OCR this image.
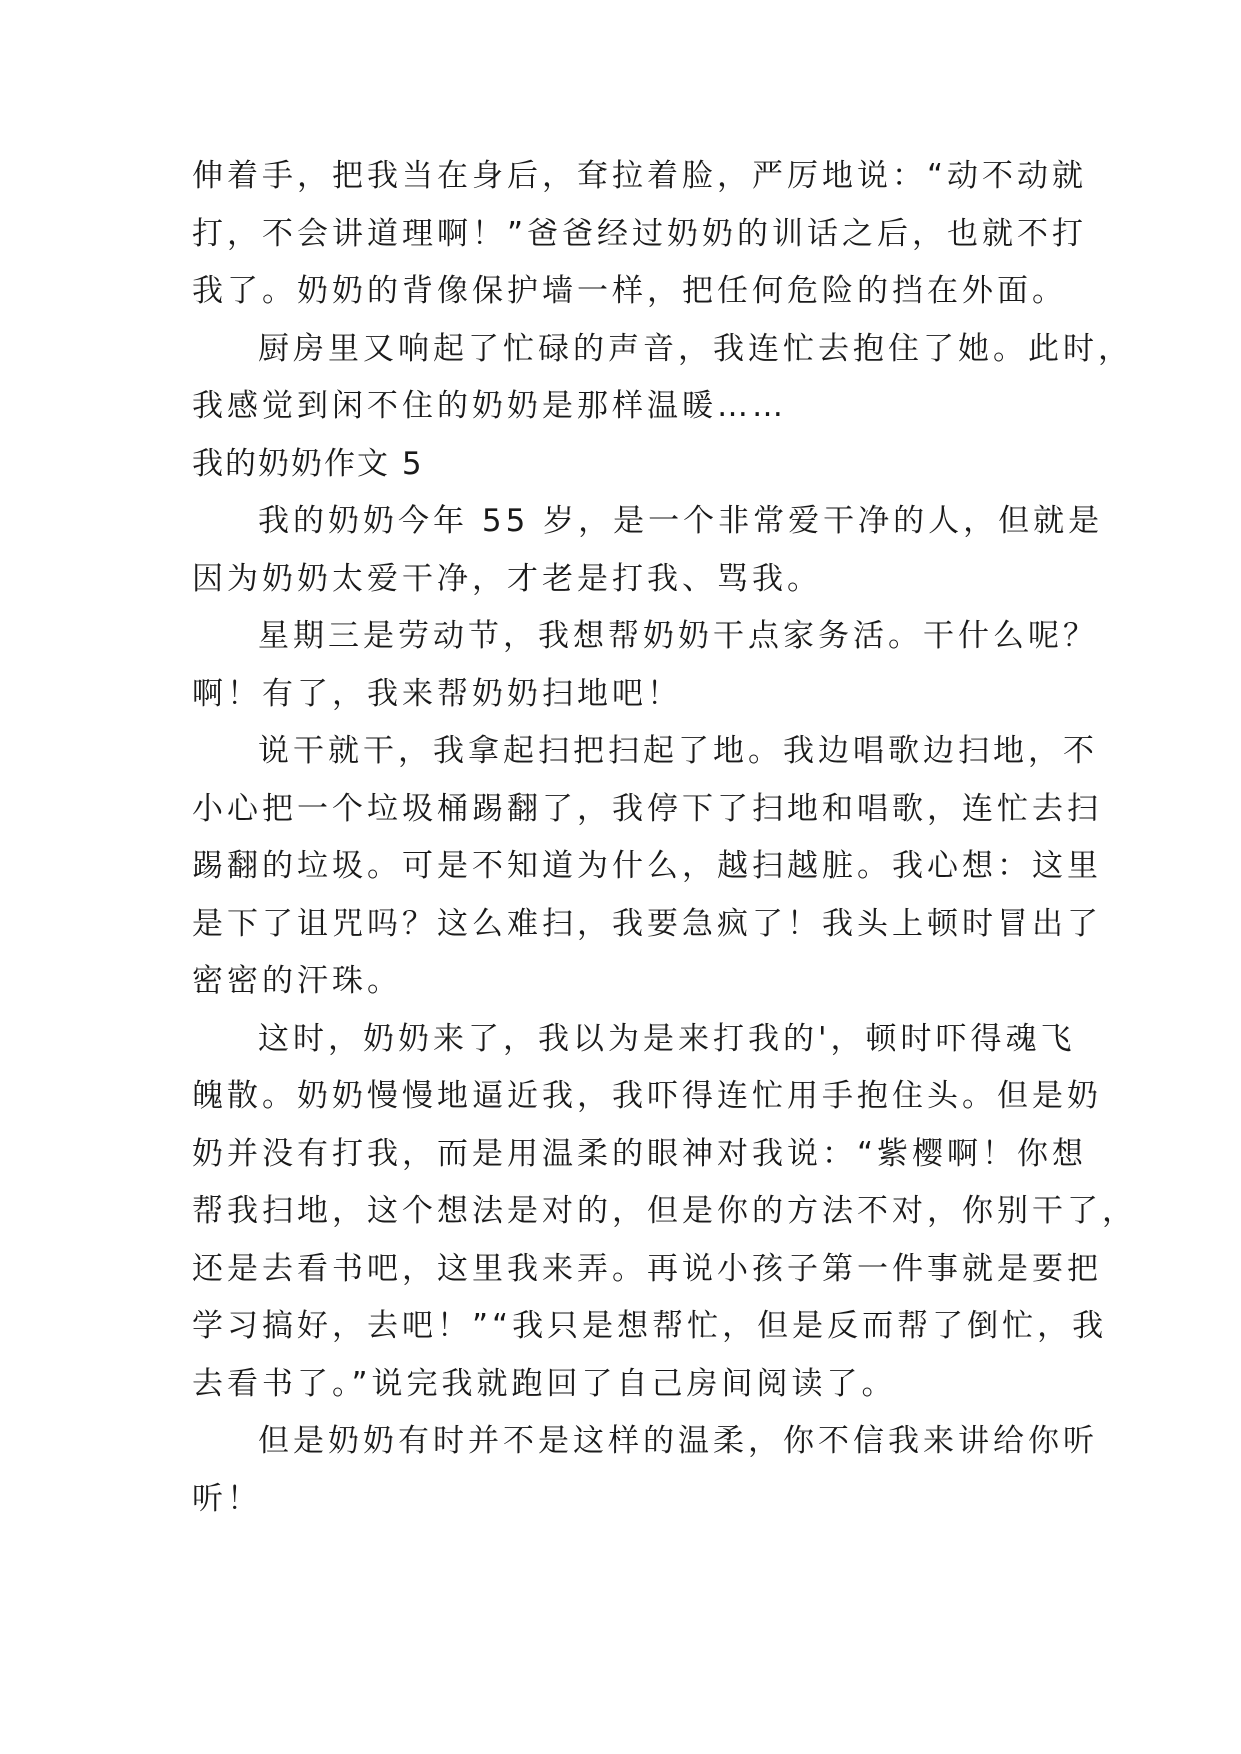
伸着手，把我当在身后，耷拉着脸，严厉地说：“动不动就
打，不会讲道理啊！”爸爸经过奶奶的训话之后，也就不打
我了。奶奶的背像保护墙一样，把任何危险的挡在外面。
厨房里又响起了忙碌的声音，我连忙去抱住了她。此时，
我感觉到闲不住的奶奶是那样温暖……
我的奶奶作文 5
我的奶奶今年 55 岁，是一个非常爱干净的人，但就是
因为奶奶太爱干净，才老是打我、骂我。
星期三是劳动节，我想帮奶奶干点家务活。干什么呢？
啊！有了，我来帮奶奶扫地吧！
说干就干，我拿起扫把扫起了地。我边唱歌边扫地，不
小心把一个垃圾桶踢翻了，我停下了扫地和唱歌，连忙去扫
踢翻的垃圾。可是不知道为什么，越扫越脏。我心想：这里
是下了诅咒吗？这么难扫，我要急疯了！我头上顿时冒出了
密密的汗珠。
这时，奶奶来了，我以为是来打我的'，顿时吓得魂飞
魄散。奶奶慢慢地逼近我，我吓得连忙用手抱住头。但是奶
奶并没有打我，而是用温柔的眼神对我说：“紫樱啊！你想
帮我扫地，这个想法是对的，但是你的方法不对，你别干了，
还是去看书吧，这里我来弄。再说小孩子第一件事就是要把
学习搞好，去吧！”“我只是想帮忙，但是反而帮了倒忙，我
去看书了。”说完我就跑回了自己房间阅读了。
但是奶奶有时并不是这样的温柔，你不信我来讲给你听
听！
